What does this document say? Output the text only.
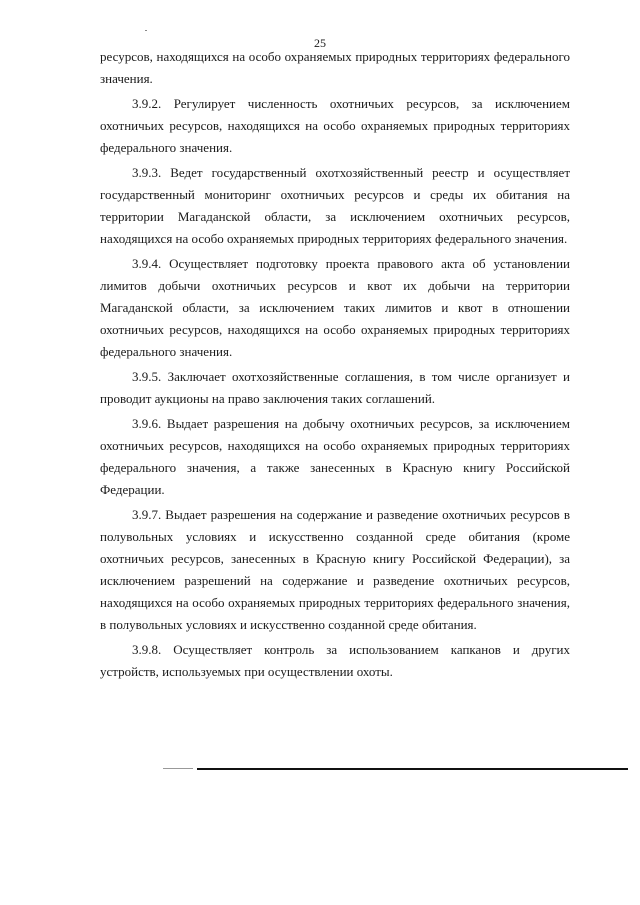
25

ресурсов, находящихся на особо охраняемых природных территориях федерального значения.

3.9.2. Регулирует численность охотничьих ресурсов, за исключением охотничьих ресурсов, находящихся на особо охраняемых природных территориях федерального значения.

3.9.3. Ведет государственный охотхозяйственный реестр и осуществляет государственный мониторинг охотничьих ресурсов и среды их обитания на территории Магаданской области, за исключением охотничьих ресурсов, находящихся на особо охраняемых природных территориях федерального значения.

3.9.4. Осуществляет подготовку проекта правового акта об установлении лимитов добычи охотничьих ресурсов и квот их добычи на территории Магаданской области, за исключением таких лимитов и квот в отношении охотничьих ресурсов, находящихся на особо охраняемых природных территориях федерального значения.

3.9.5. Заключает охотхозяйственные соглашения, в том числе организует и проводит аукционы на право заключения таких соглашений.

3.9.6. Выдает разрешения на добычу охотничьих ресурсов, за исключением охотничьих ресурсов, находящихся на особо охраняемых природных территориях федерального значения, а также занесенных в Красную книгу Российской Федерации.

3.9.7. Выдает разрешения на содержание и разведение охотничьих ресурсов в полувольных условиях и искусственно созданной среде обитания (кроме охотничьих ресурсов, занесенных в Красную книгу Российской Федерации), за исключением разрешений на содержание и разведение охотничьих ресурсов, находящихся на особо охраняемых природных территориях федерального значения, в полувольных условиях и искусственно созданной среде обитания.

3.9.8. Осуществляет контроль за использованием капканов и других устройств, используемых при осуществлении охоты.
